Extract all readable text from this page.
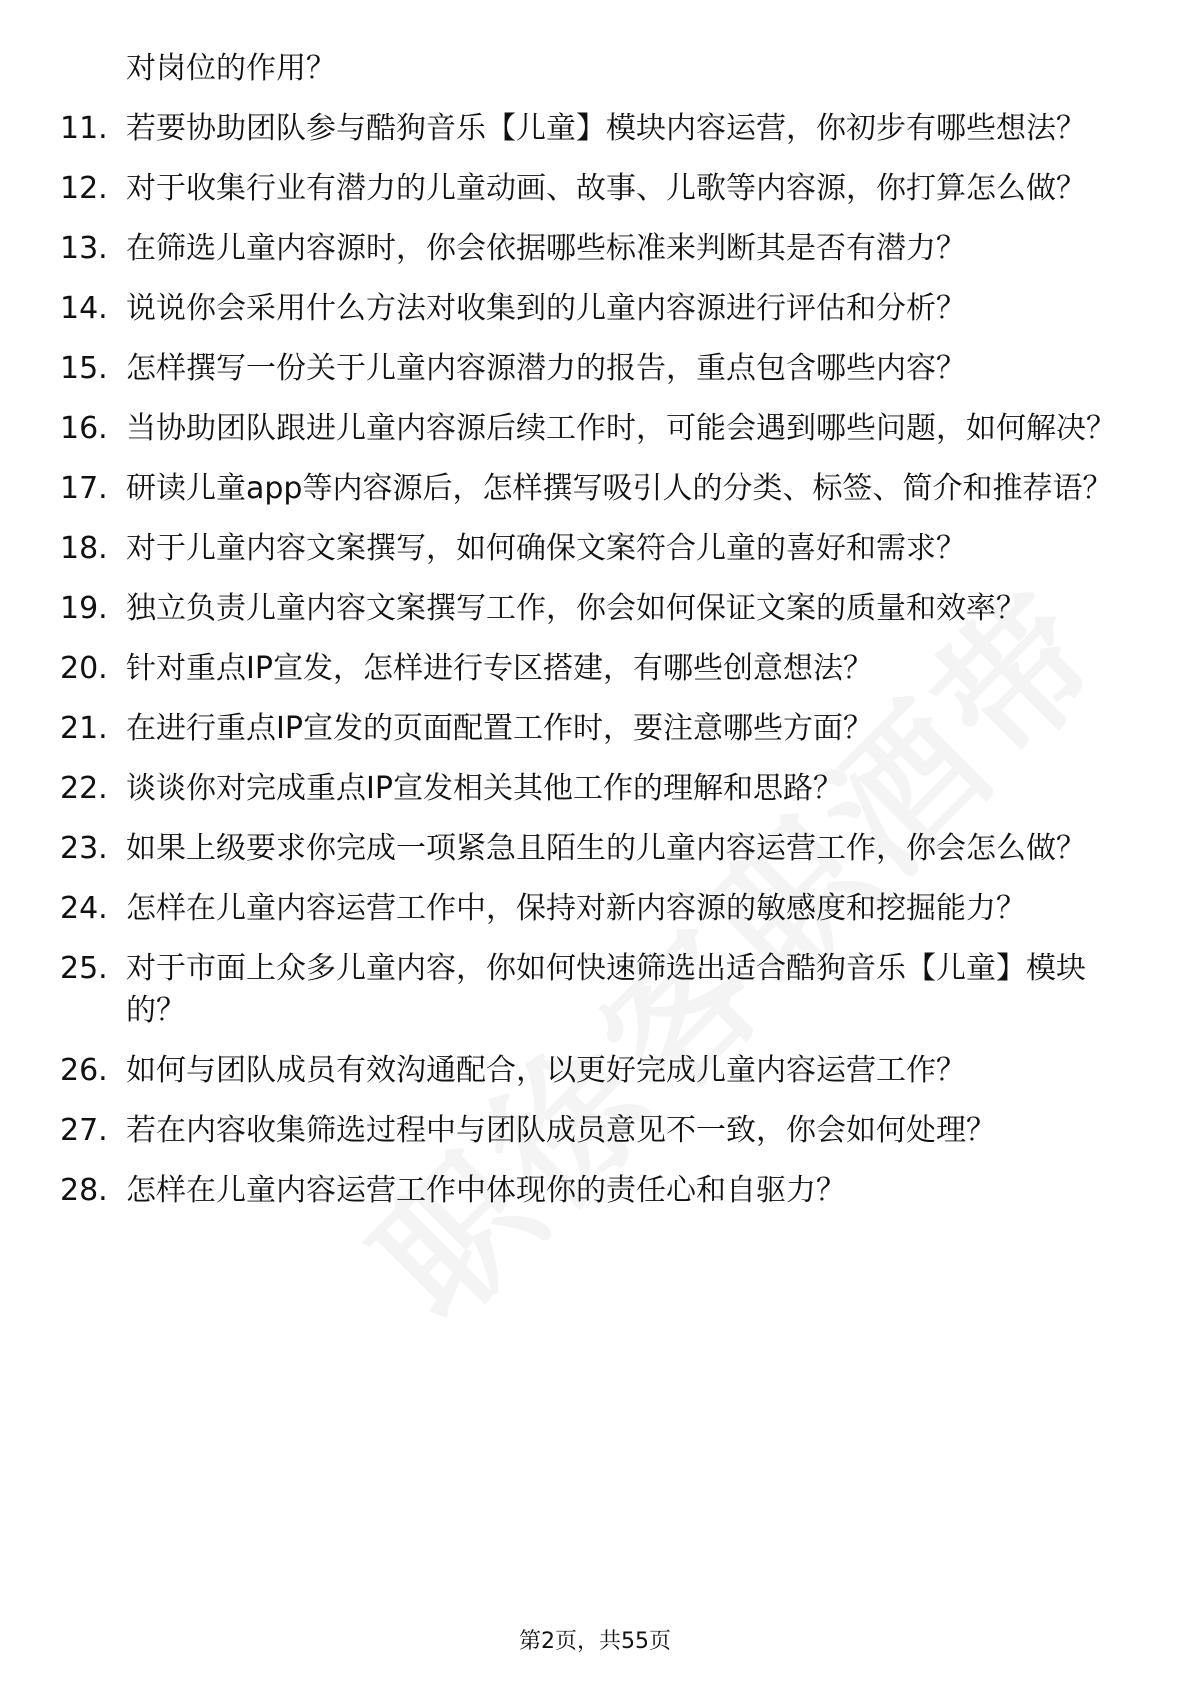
对岗位的作用？
11. 若要协助团队参与酷狗音乐【儿童】模块内容运营，你初步有哪些想法？
12. 对于收集行业有潜力的儿童动画、故事、儿歌等内容源，你打算怎么做？
13. 在筛选儿童内容源时，你会依据哪些标准来判断其是否有潜力？
14. 说说你会采用什么方法对收集到的儿童内容源进行评估和分析？
15. 怎样撰写一份关于儿童内容源潜力的报告，重点包含哪些内容？
16. 当协助团队跟进儿童内容源后续工作时，可能会遇到哪些问题，如何解决？
17. 研读儿童app等内容源后，怎样撰写吸引人的分类、标签、简介和推荐语？
18. 对于儿童内容文案撰写，如何确保文案符合儿童的喜好和需求？
19. 独立负责儿童内容文案撰写工作，你会如何保证文案的质量和效率？
20. 针对重点IP宣发，怎样进行专区搭建，有哪些创意想法？
21. 在进行重点IP宣发的页面配置工作时，要注意哪些方面？
22. 谈谈你对完成重点IP宣发相关其他工作的理解和思路？
23. 如果上级要求你完成一项紧急且陌生的儿童内容运营工作，你会怎么做？
24. 怎样在儿童内容运营工作中，保持对新内容源的敏感度和挖掘能力？
25. 对于市面上众多儿童内容，你如何快速筛选出适合酷狗音乐【儿童】模块的？
26. 如何与团队成员有效沟通配合，以更好完成儿童内容运营工作？
27. 若在内容收集筛选过程中与团队成员意见不一致，你会如何处理？
28. 怎样在儿童内容运营工作中体现你的责任心和自驱力？
第2页，共55页
